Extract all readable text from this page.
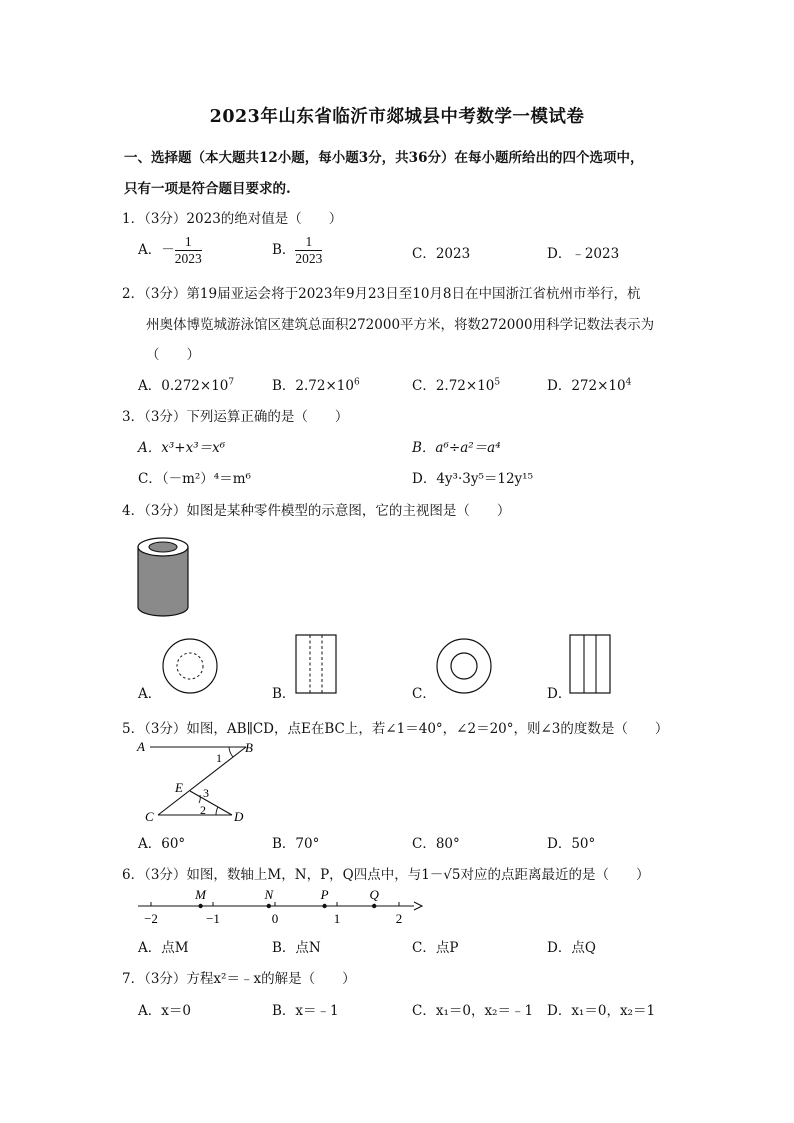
2023年山东省临沂市郯城县中考数学一模试卷
一、选择题（本大题共12小题，每小题3分，共36分）在每小题所给出的四个选项中，
只有一项是符合题目要求的.
1．（3分）2023的绝对值是（　　）
A．－ $\frac{1}{2023}$	B． $\frac{1}{2023}$	C．2023	D．﹣2023
2．（3分）第19届亚运会将于2023年9月23日至10月8日在中国浙江省杭州市举行，杭
州奥体博览城游泳馆区建筑总面积272000平方米，将数272000用科学记数法表示为
（　　）
A．$0.272\times 10^7$	B．$2.72\times 10^6$	C．$2.72\times 10^5$	D．$272\times 10^4$
3．（3分）下列运算正确的是（　　）
A．x³+x³＝x⁶	B．a⁶÷a²＝a⁴
C．（－m²）⁴＝m⁶	D．4y³·3y⁵＝12y¹⁵
4．（3分）如图是某种零件模型的示意图，它的主视图是（　　）
A．	B．	C．	D．
5．（3分）如图，AB∥CD，点E在BC上，若∠1＝40°，∠2＝20°，则∠3的度数是（　　）
A	B
C	D
E
1
2
3
A．60°	B．70°	C．80°	D．50°
6．（3分）如图，数轴上M，N，P，Q四点中，与1－√5对应的点距离最近的是（　　）
−2	−1	0	1	2
M	N	P	Q
A．点M	B．点N	C．点P	D．点Q
7．（3分）方程x²＝﹣x的解是（　　）
A．x＝0	B．x＝﹣1	C．x₁＝0，x₂＝﹣1 D．x₁＝0，x₂＝1
